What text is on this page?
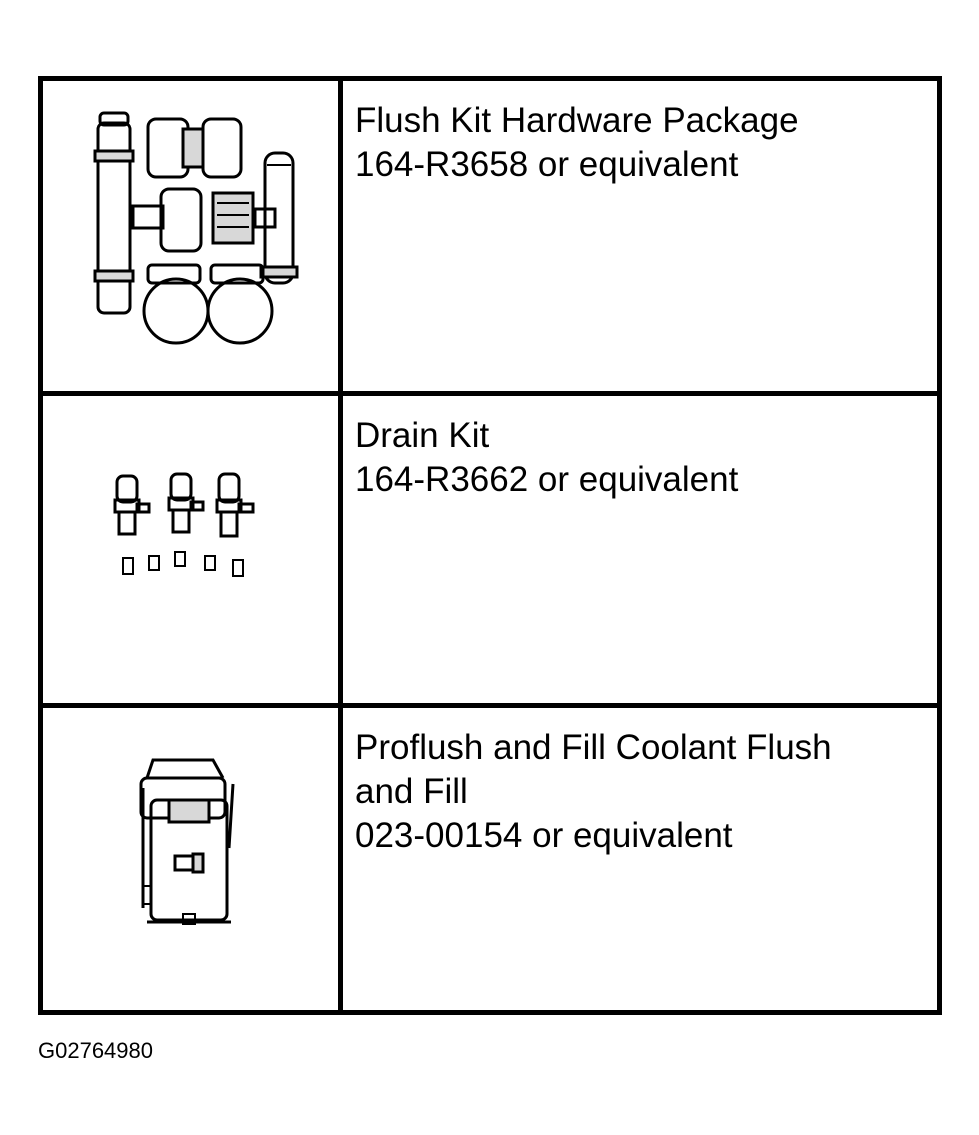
Flush Kit Hardware Package
164-R3658 or equivalent
Drain Kit
164-R3662 or equivalent
Proflush and Fill Coolant Flush
and Fill
023-00154 or equivalent
G02764980
